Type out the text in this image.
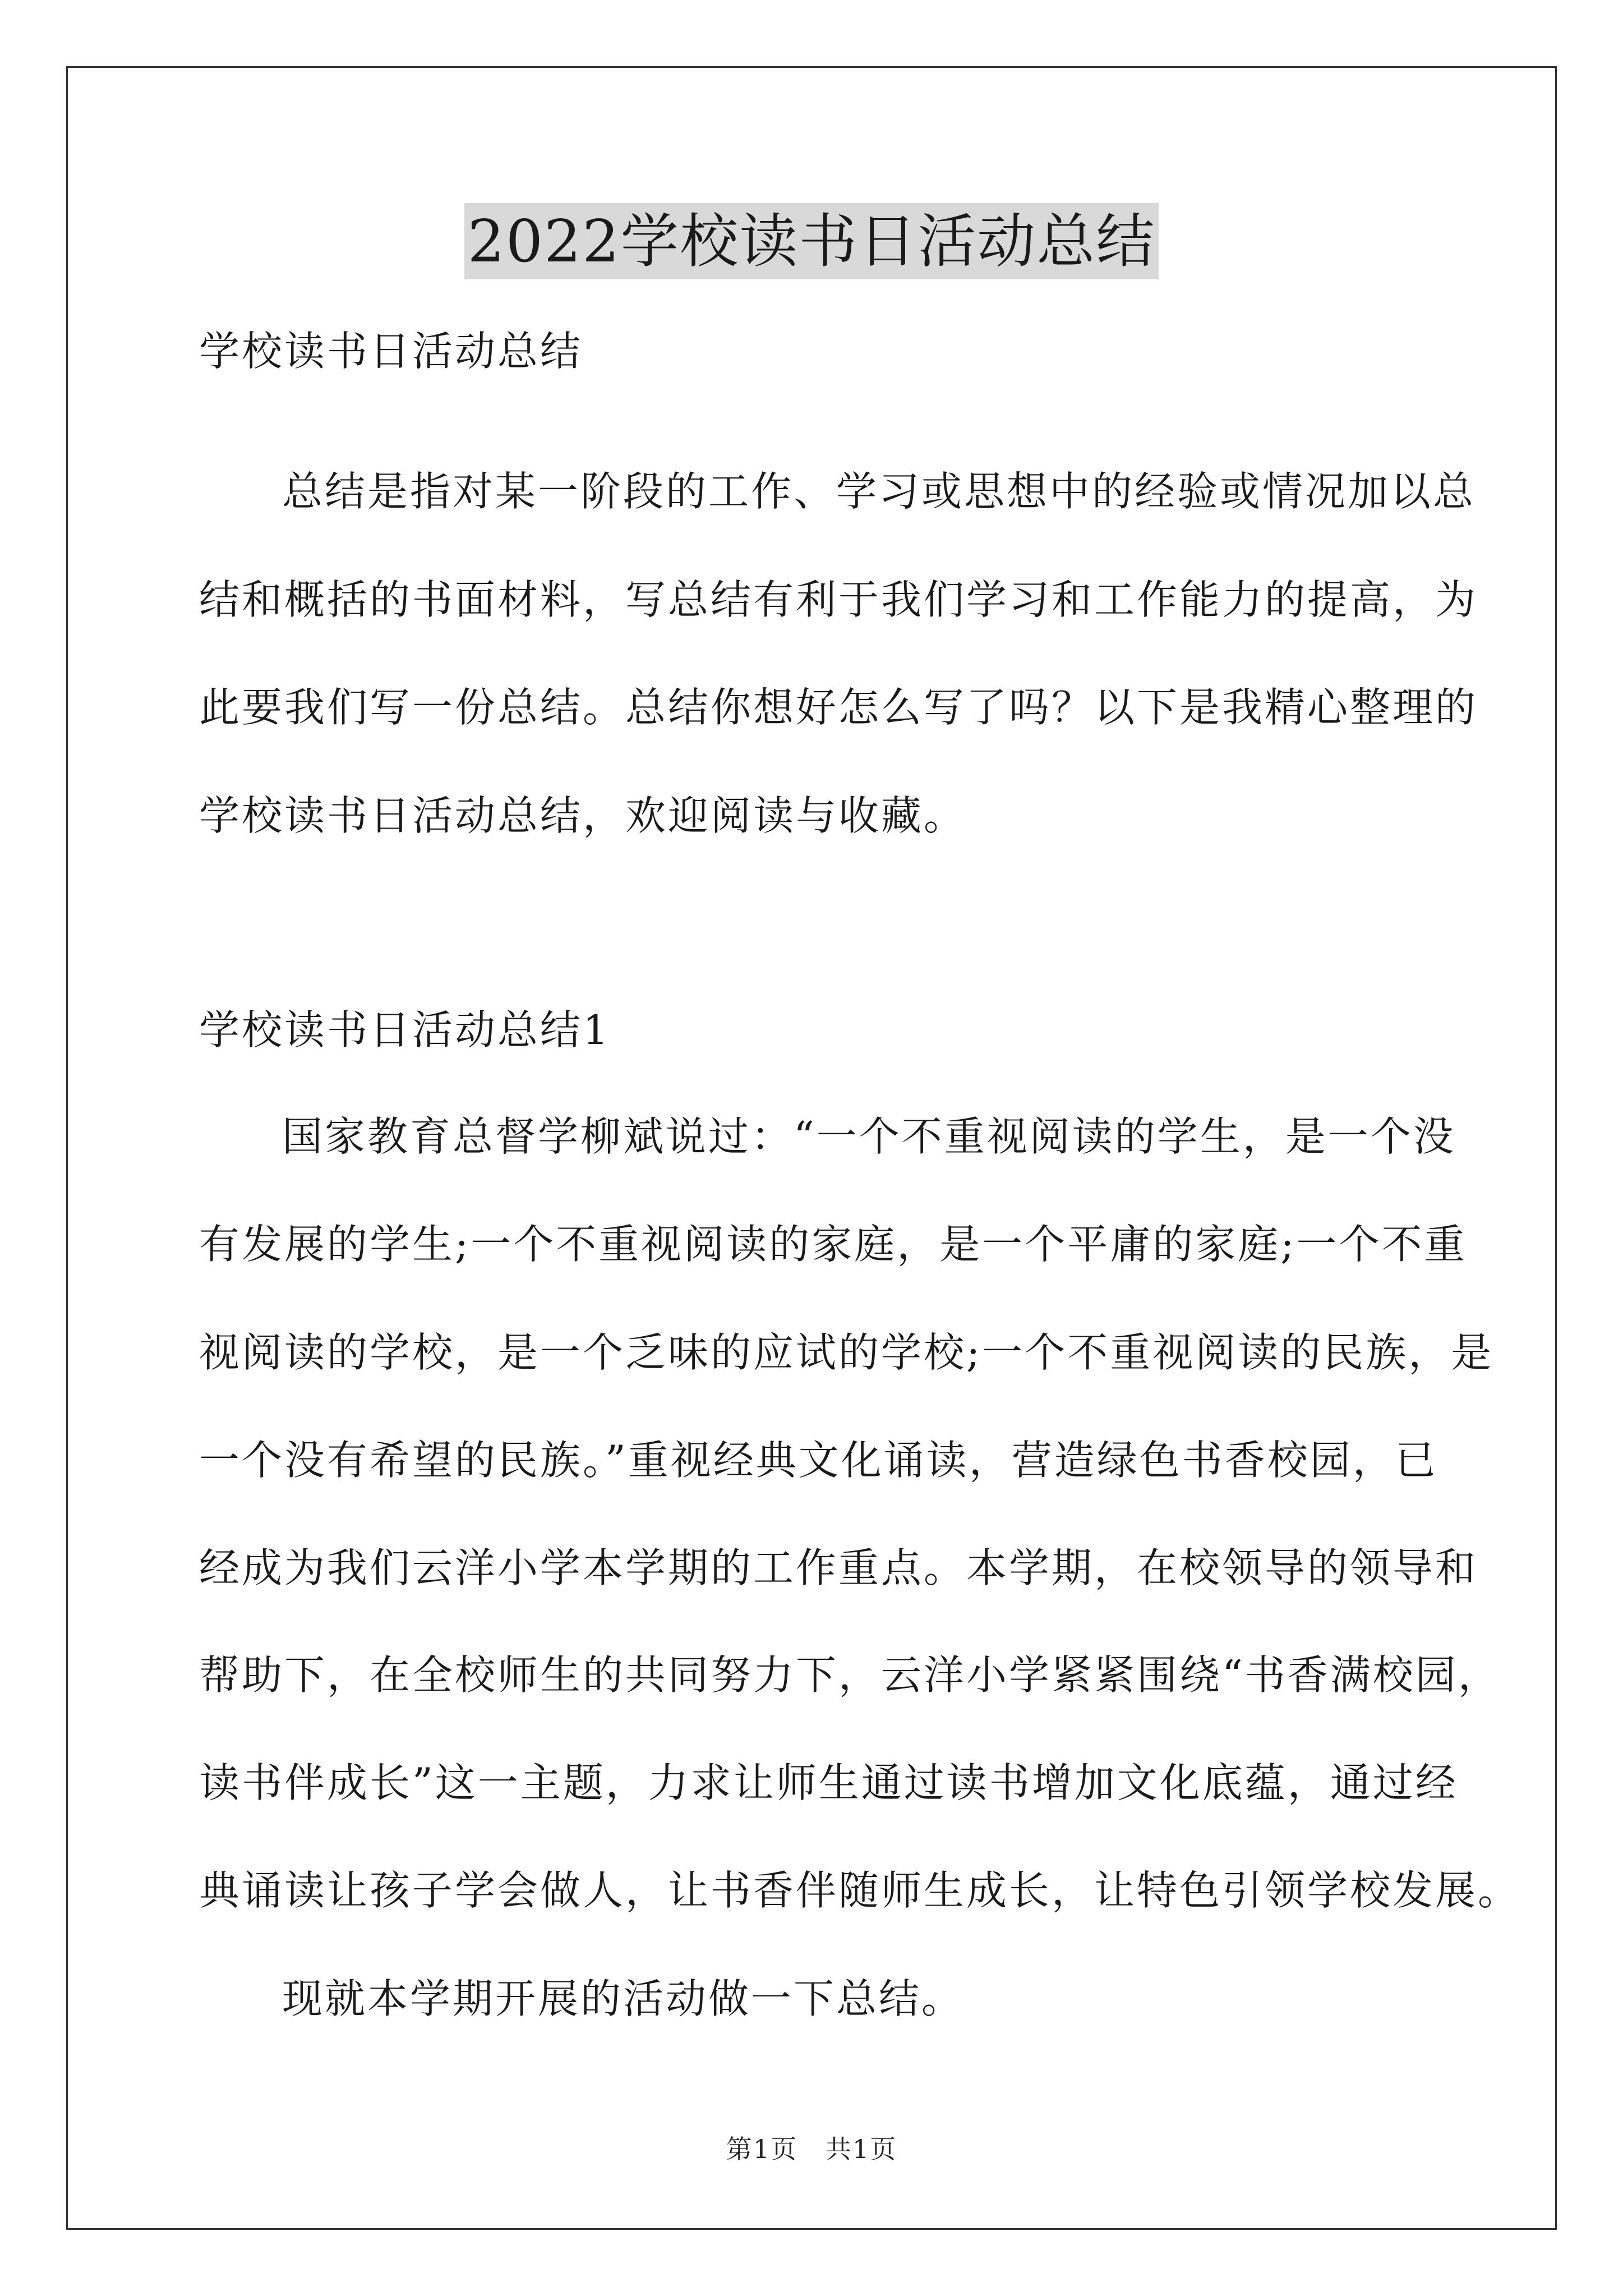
2022学校读书日活动总结
学校读书日活动总结
总结是指对某一阶段的工作、学习或思想中的经验或情况加以总
结和概括的书面材料，写总结有利于我们学习和工作能力的提高，为
此要我们写一份总结。总结你想好怎么写了吗？以下是我精心整理的
学校读书日活动总结，欢迎阅读与收藏。
学校读书日活动总结1
国家教育总督学柳斌说过：“一个不重视阅读的学生，是一个没
有发展的学生;一个不重视阅读的家庭，是一个平庸的家庭;一个不重
视阅读的学校，是一个乏味的应试的学校;一个不重视阅读的民族，是
一个没有希望的民族。”重视经典文化诵读，营造绿色书香校园，已
经成为我们云洋小学本学期的工作重点。本学期，在校领导的领导和
帮助下，在全校师生的共同努力下，云洋小学紧紧围绕“书香满校园，
读书伴成长”这一主题，力求让师生通过读书增加文化底蕴，通过经
典诵读让孩子学会做人，让书香伴随师生成长，让特色引领学校发展。
现就本学期开展的活动做一下总结。
第1页   共1页
